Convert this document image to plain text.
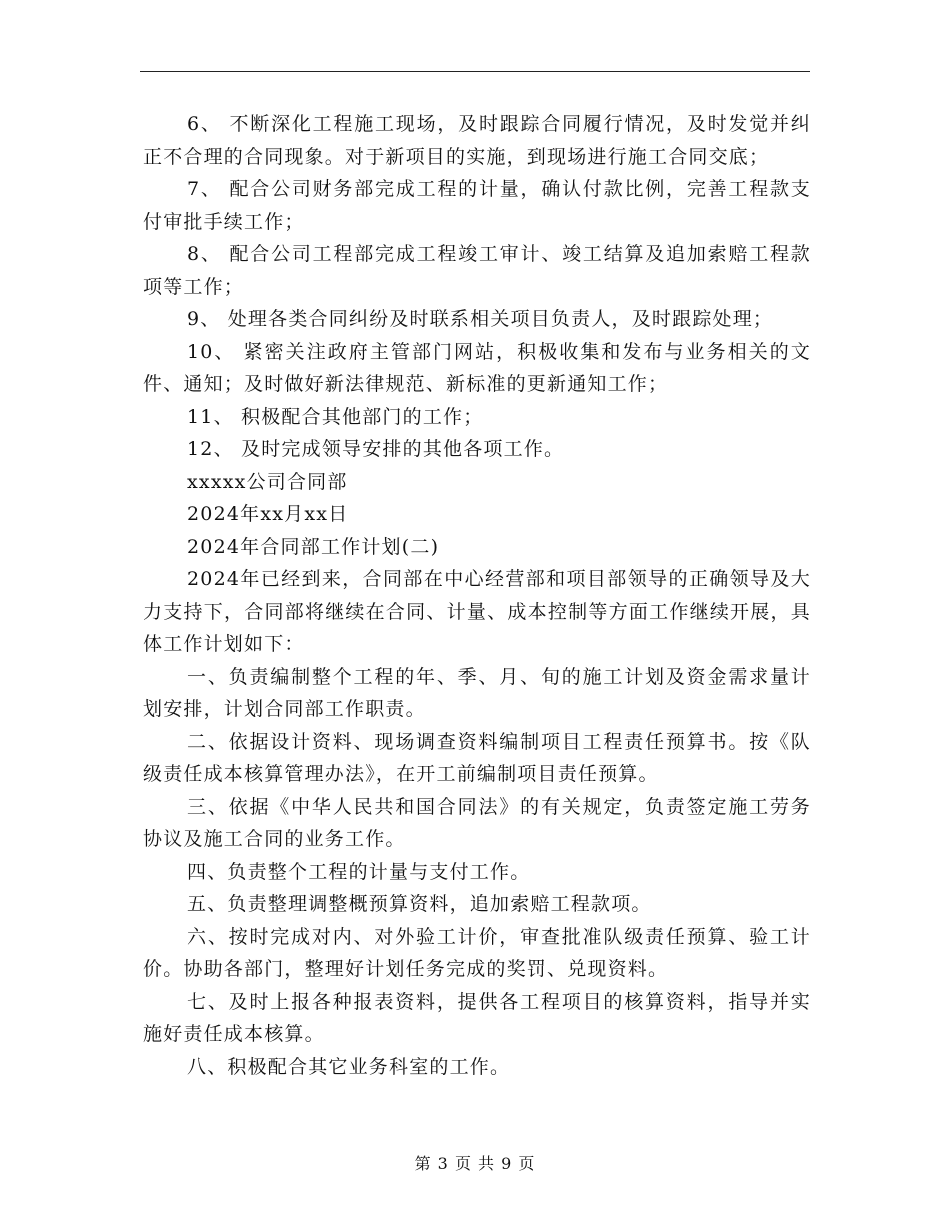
6、 不断深化工程施工现场，及时跟踪合同履行情况，及时发觉并纠正不合理的合同现象。对于新项目的实施，到现场进行施工合同交底；

7、 配合公司财务部完成工程的计量，确认付款比例，完善工程款支付审批手续工作；

8、 配合公司工程部完成工程竣工审计、竣工结算及追加索赔工程款项等工作；

9、 处理各类合同纠纷及时联系相关项目负责人，及时跟踪处理；

10、 紧密关注政府主管部门网站，积极收集和发布与业务相关的文件、通知；及时做好新法律规范、新标准的更新通知工作；

11、 积极配合其他部门的工作；

12、 及时完成领导安排的其他各项工作。

xxxxx公司合同部

2024年xx月xx日

2024年合同部工作计划(二)

2024年已经到来，合同部在中心经营部和项目部领导的正确领导及大力支持下，合同部将继续在合同、计量、成本控制等方面工作继续开展，具体工作计划如下：

一、负责编制整个工程的年、季、月、旬的施工计划及资金需求量计划安排，计划合同部工作职责。

二、依据设计资料、现场调查资料编制项目工程责任预算书。按《队级责任成本核算管理办法》，在开工前编制项目责任预算。

三、依据《中华人民共和国合同法》的有关规定，负责签定施工劳务协议及施工合同的业务工作。

四、负责整个工程的计量与支付工作。

五、负责整理调整概预算资料，追加索赔工程款项。

六、按时完成对内、对外验工计价，审查批准队级责任预算、验工计价。协助各部门，整理好计划任务完成的奖罚、兑现资料。

七、及时上报各种报表资料，提供各工程项目的核算资料，指导并实施好责任成本核算。

八、积极配合其它业务科室的工作。

第 3 页 共 9 页
